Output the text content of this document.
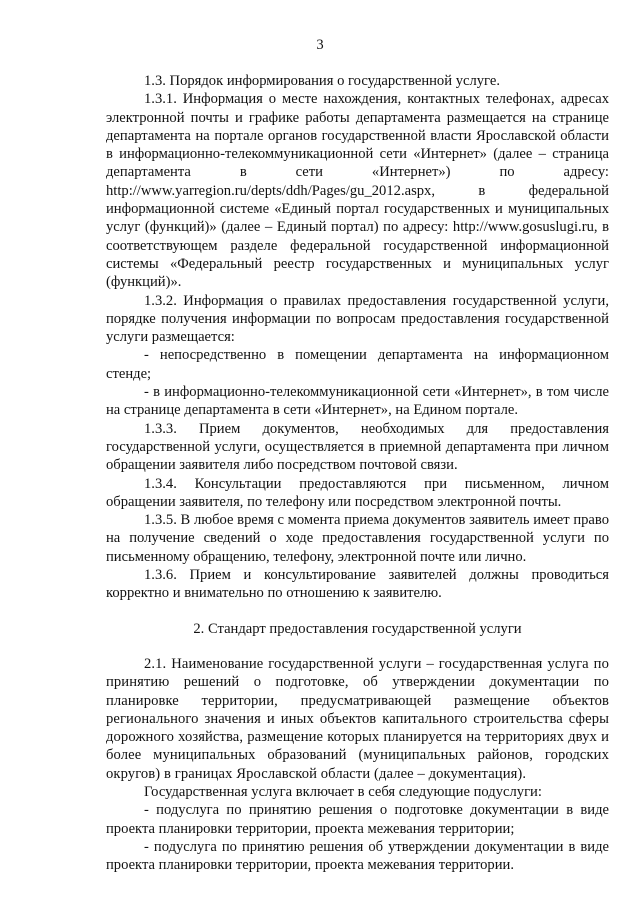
3

1.3. Порядок информирования о государственной услуге.

1.3.1. Информация о месте нахождения, контактных телефонах, адресах электронной почты и графике работы департамента размещается на странице департамента на портале органов государственной власти Ярославской области в информационно-телекоммуникационной сети «Интернет» (далее – страница департамента в сети «Интернет») по адресу: http://www.yarregion.ru/depts/ddh/Pages/gu_2012.aspx, в федеральной информационной системе «Единый портал государственных и муниципальных услуг (функций)» (далее – Единый портал) по адресу: http://www.gosuslugi.ru, в соответствующем разделе федеральной государственной информационной системы «Федеральный реестр государственных и муниципальных услуг (функций)».

1.3.2. Информация о правилах предоставления государственной услуги, порядке получения информации по вопросам предоставления государственной услуги размещается:

- непосредственно в помещении департамента на информационном стенде;

- в информационно-телекоммуникационной сети «Интернет», в том числе на странице департамента в сети «Интернет», на Едином портале.

1.3.3. Прием документов, необходимых для предоставления государственной услуги, осуществляется в приемной департамента при личном обращении заявителя либо посредством почтовой связи.

1.3.4. Консультации предоставляются при письменном, личном обращении заявителя, по телефону или посредством электронной почты.

1.3.5. В любое время с момента приема документов заявитель имеет право на получение сведений о ходе предоставления государственной услуги по письменному обращению, телефону, электронной почте или лично.

1.3.6. Прием и консультирование заявителей должны проводиться корректно и внимательно по отношению к заявителю.

2. Стандарт предоставления государственной услуги

2.1. Наименование государственной услуги – государственная услуга по принятию решений о подготовке, об утверждении документации по планировке территории, предусматривающей размещение объектов регионального значения и иных объектов капитального строительства сферы дорожного хозяйства, размещение которых планируется на территориях двух и более муниципальных образований (муниципальных районов, городских округов) в границах Ярославской области (далее – документация).

Государственная услуга включает в себя следующие подуслуги:

- подуслуга по принятию решения о подготовке документации в виде проекта планировки территории, проекта межевания территории;

- подуслуга по принятию решения об утверждении документации в виде проекта планировки территории, проекта межевания территории.
